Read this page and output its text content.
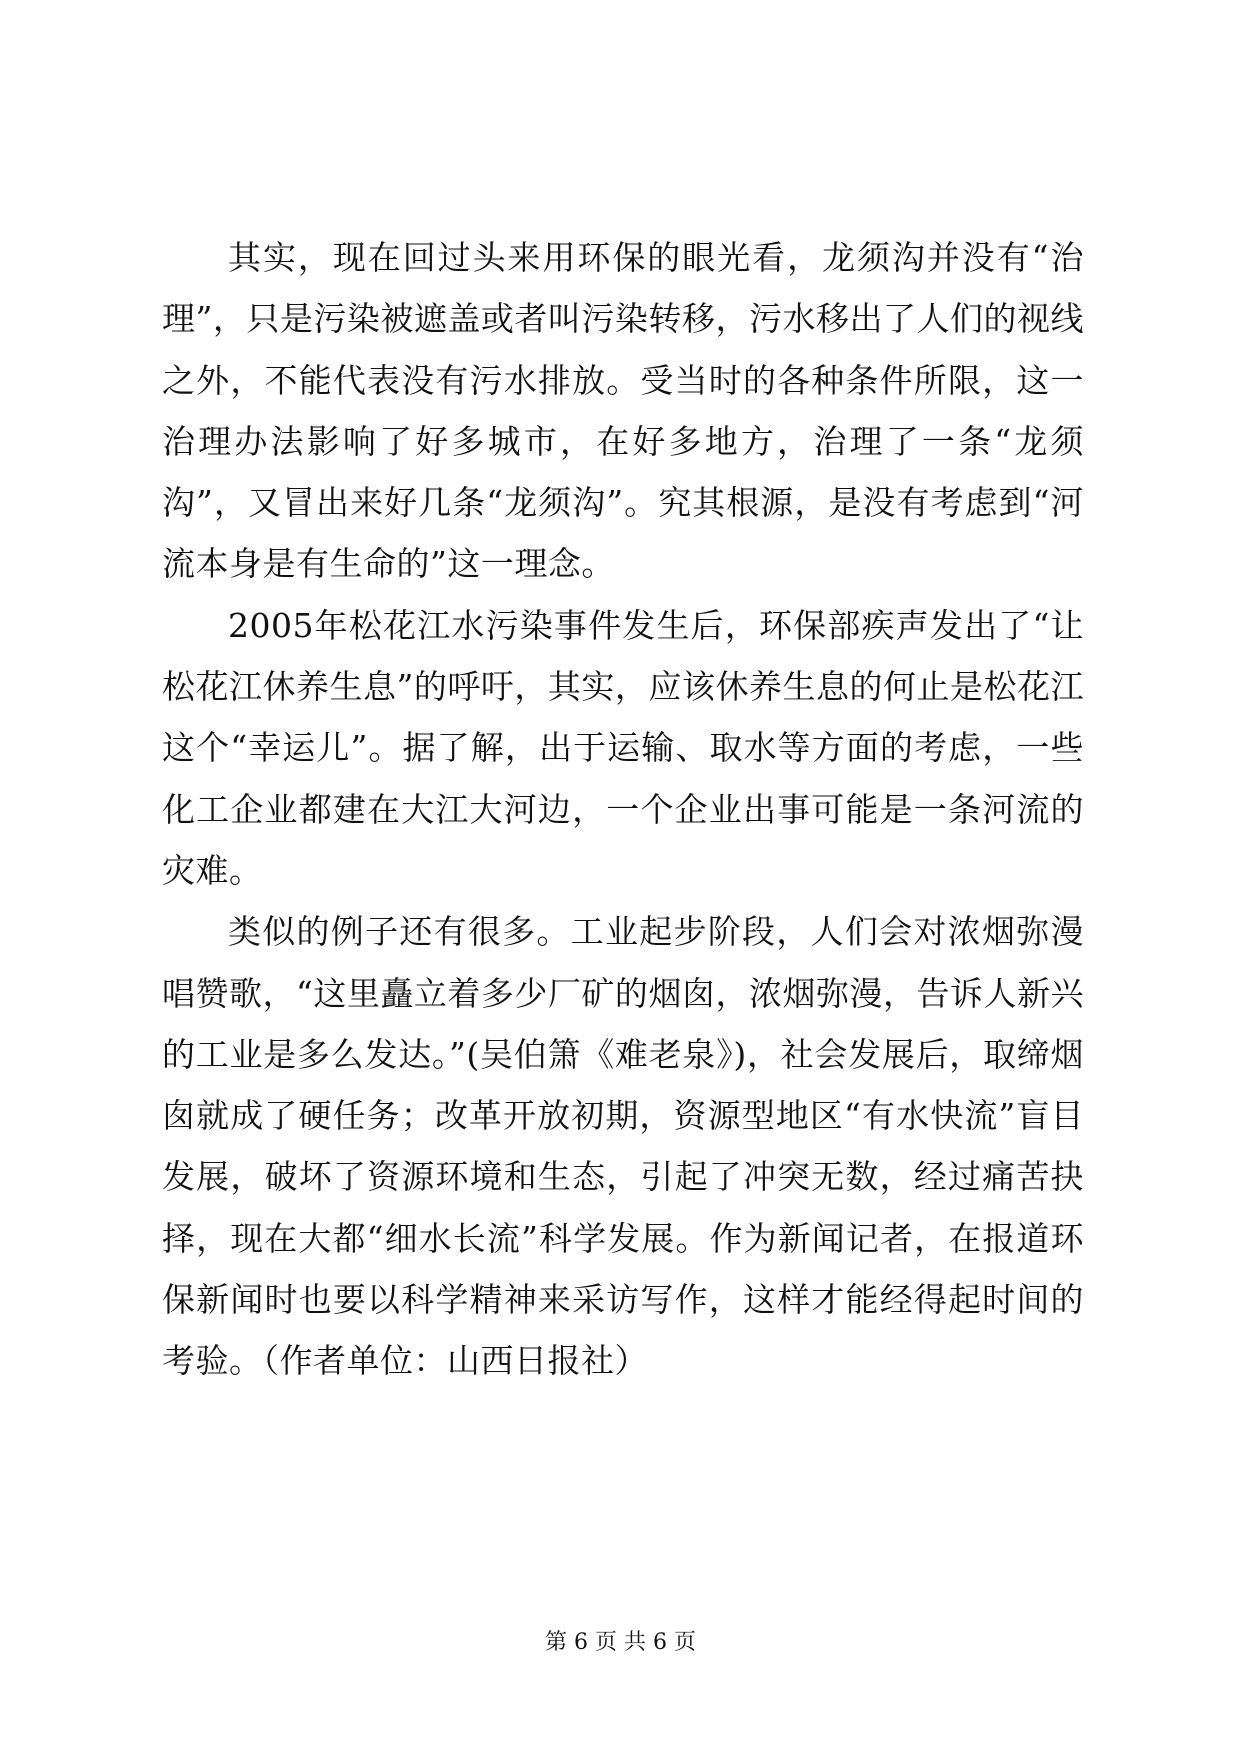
其实，现在回过头来用环保的眼光看，龙须沟并没有“治理”，只是污染被遮盖或者叫污染转移，污水移出了人们的视线之外，不能代表没有污水排放。受当时的各种条件所限，这一治理办法影响了好多城市，在好多地方，治理了一条“龙须沟”，又冒出来好几条“龙须沟”。究其根源，是没有考虑到“河流本身是有生命的”这一理念。

2005年松花江水污染事件发生后，环保部疾声发出了“让松花江休养生息”的呼吁，其实，应该休养生息的何止是松花江这个“幸运儿”。据了解，出于运输、取水等方面的考虑，一些化工企业都建在大江大河边，一个企业出事可能是一条河流的灾难。

类似的例子还有很多。工业起步阶段，人们会对浓烟弥漫唱赞歌，“这里矗立着多少厂矿的烟囱，浓烟弥漫，告诉人新兴的工业是多么发达。”(吴伯箫《难老泉》)，社会发展后，取缔烟囱就成了硬任务；改革开放初期，资源型地区“有水快流”盲目发展，破坏了资源环境和生态，引起了冲突无数，经过痛苦抉择，现在大都“细水长流”科学发展。作为新闻记者，在报道环保新闻时也要以科学精神来采访写作，这样才能经得起时间的考验。（作者单位：山西日报社）

第 6 页 共 6 页
